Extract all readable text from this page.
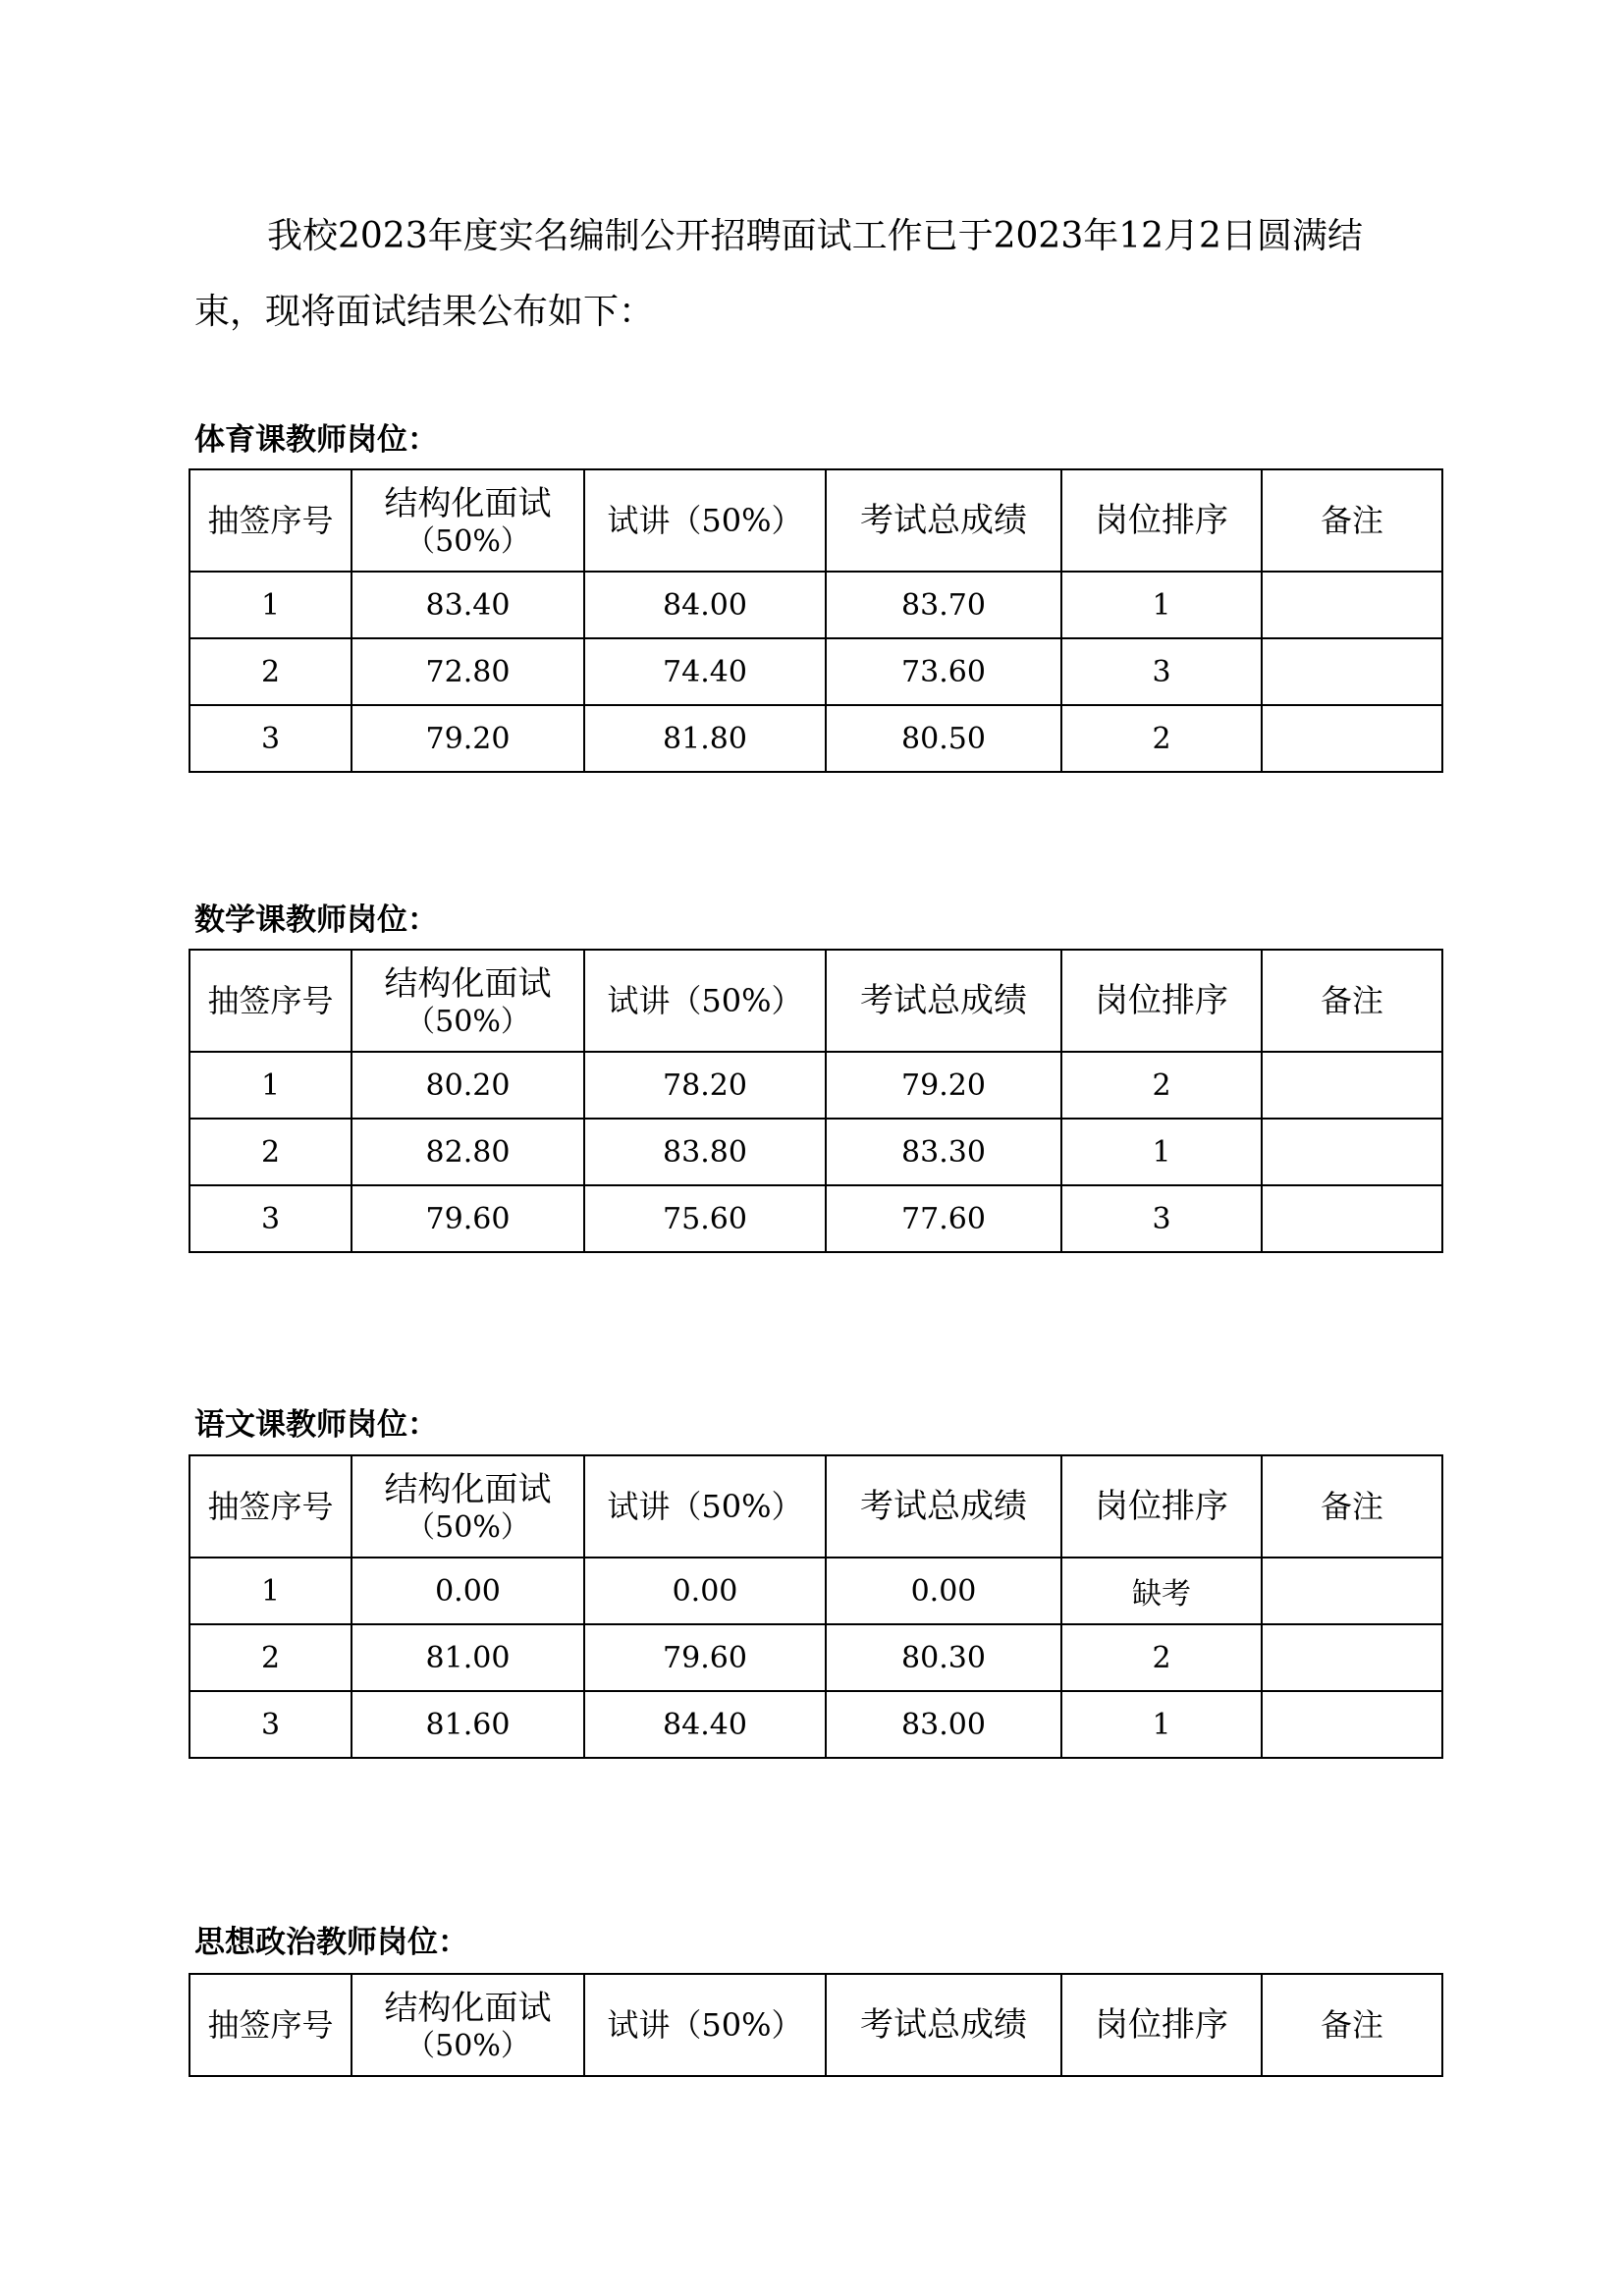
我校2023年度实名编制公开招聘面试工作已于2023年12月2日圆满结
束，现将面试结果公布如下：
体育课教师岗位：
抽签序号	结构化面试
（50%）	试讲（50%）	考试总成绩	岗位排序	备注
1	83.40	84.00	83.70	1	
2	72.80	74.40	73.60	3	
3	79.20	81.80	80.50	2	
数学课教师岗位：
抽签序号	结构化面试
（50%）	试讲（50%）	考试总成绩	岗位排序	备注
1	80.20	78.20	79.20	2	
2	82.80	83.80	83.30	1	
3	79.60	75.60	77.60	3	
语文课教师岗位：
抽签序号	结构化面试
（50%）	试讲（50%）	考试总成绩	岗位排序	备注
1	0.00	0.00	0.00	缺考	
2	81.00	79.60	80.30	2	
3	81.60	84.40	83.00	1	
思想政治教师岗位：
抽签序号	结构化面试
（50%）
	试讲（50%）	考试总成绩	岗位排序	备注
